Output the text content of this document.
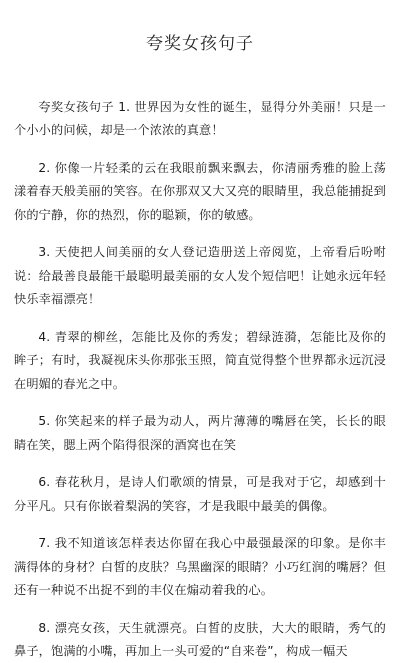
夸奖女孩句子

夸奖女孩句子 1. 世界因为女性的诞生，显得分外美丽！只是一个小小的问候，却是一个浓浓的真意！

2. 你像一片轻柔的云在我眼前飘来飘去，你清丽秀雅的脸上荡漾着春天般美丽的笑容。在你那双又大又亮的眼睛里，我总能捕捉到你的宁静，你的热烈，你的聪颖，你的敏感。

3. 天使把人间美丽的女人登记造册送上帝阅览，上帝看后吩咐说：给最善良最能干最聪明最美丽的女人发个短信吧！让她永远年轻快乐幸福漂亮！

4. 青翠的柳丝，怎能比及你的秀发；碧绿涟漪，怎能比及你的眸子；有时，我凝视床头你那张玉照，简直觉得整个世界都永远沉浸在明媚的春光之中。

5. 你笑起来的样子最为动人，两片薄薄的嘴唇在笑，长长的眼睛在笑，腮上两个陷得很深的酒窝也在笑

6. 春花秋月，是诗人们歌颂的情景，可是我对于它，却感到十分平凡。只有你嵌着梨涡的笑容，才是我眼中最美的偶像。

7. 我不知道该怎样表达你留在我心中最强最深的印象。是你丰满得体的身材？白皙的皮肤？乌黑幽深的眼睛？小巧红润的嘴唇？但还有一种说不出捉不到的丰仪在煽动着我的心。

8. 漂亮女孩，天生就漂亮。白皙的皮肤，大大的眼睛，秀气的鼻子，饱满的小嘴，再加上一头可爱的“自来卷”，构成一幅天
